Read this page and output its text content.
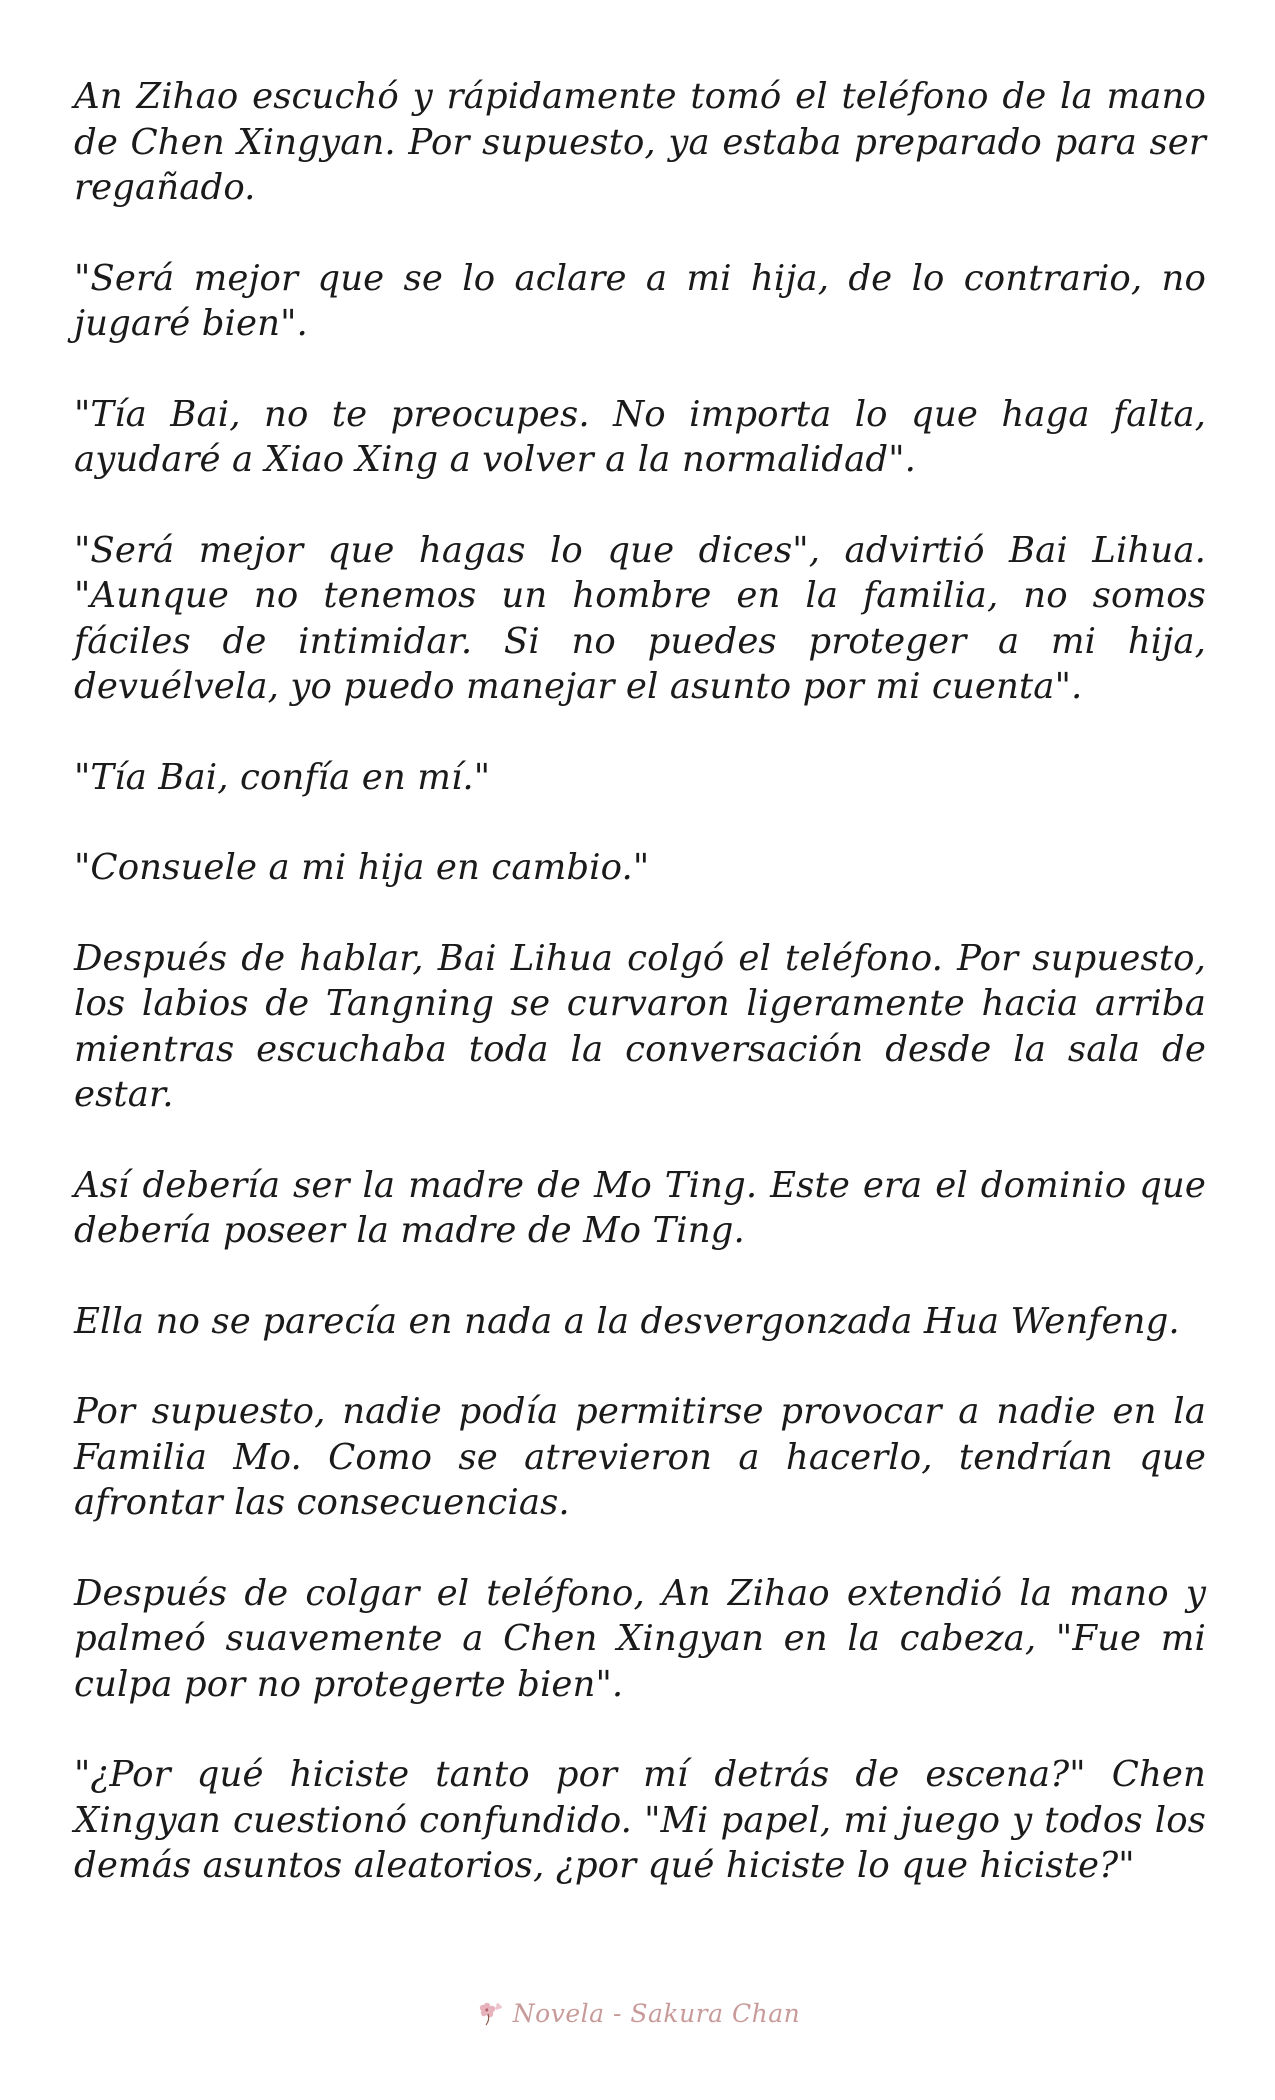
An Zihao escuchó y rápidamente tomó el teléfono de la mano de Chen Xingyan. Por supuesto, ya estaba preparado para ser regañado.

"Será mejor que se lo aclare a mi hija, de lo contrario, no jugaré bien".

"Tía Bai, no te preocupes. No importa lo que haga falta, ayudaré a Xiao Xing a volver a la normalidad".

"Será mejor que hagas lo que dices", advirtió Bai Lihua. "Aunque no tenemos un hombre en la familia, no somos fáciles de intimidar. Si no puedes proteger a mi hija, devuélvela, yo puedo manejar el asunto por mi cuenta".

"Tía Bai, confía en mí."

"Consuele a mi hija en cambio."

Después de hablar, Bai Lihua colgó el teléfono. Por supuesto, los labios de Tangning se curvaron ligeramente hacia arriba mientras escuchaba toda la conversación desde la sala de estar.

Así debería ser la madre de Mo Ting. Este era el dominio que debería poseer la madre de Mo Ting.

Ella no se parecía en nada a la desvergonzada Hua Wenfeng.

Por supuesto, nadie podía permitirse provocar a nadie en la Familia Mo. Como se atrevieron a hacerlo, tendrían que afrontar las consecuencias.

Después de colgar el teléfono, An Zihao extendió la mano y palmeó suavemente a Chen Xingyan en la cabeza, "Fue mi culpa por no protegerte bien".

"¿Por qué hiciste tanto por mí detrás de escena?" Chen Xingyan cuestionó confundido. "Mi papel, mi juego y todos los demás asuntos aleatorios, ¿por qué hiciste lo que hiciste?"

Novela - Sakura Chan
